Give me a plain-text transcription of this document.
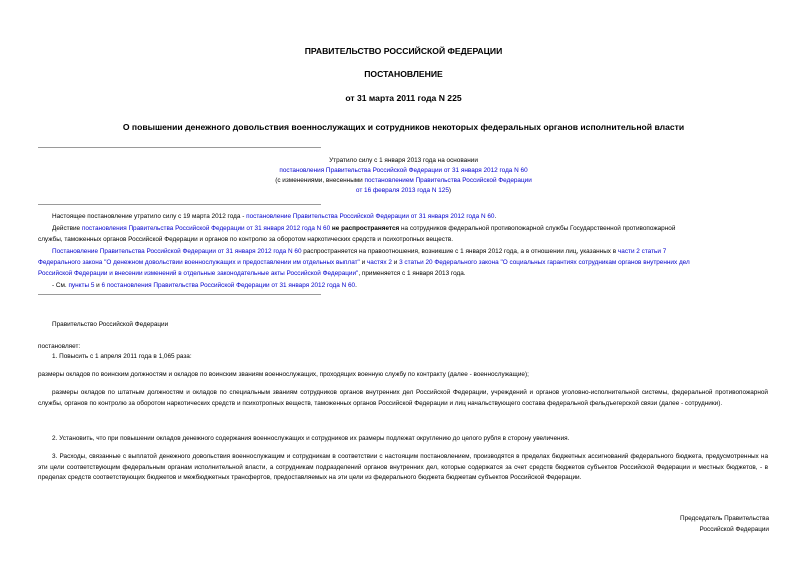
ПРАВИТЕЛЬСТВО РОССИЙСКОЙ ФЕДЕРАЦИИ
ПОСТАНОВЛЕНИЕ
от 31 марта 2011 года N 225
О повышении денежного довольствия военнослужащих и сотрудников некоторых федеральных органов исполнительной власти
Утратило силу с 1 января 2013 года на основании
постановления Правительства Российской Федерации от 31 января 2012 года N 60
(с изменениями, внесенными постановлением Правительства Российской Федерации
от 16 февраля 2013 года N 125)
Настоящее постановление утратило силу с 19 марта 2012 года - постановление Правительства Российской Федерации от 31 января 2012 года N 60.
Действие постановления Правительства Российской Федерации от 31 января 2012 года N 60 не распространяется на сотрудников федеральной противопожарной службы Государственной противопожарной
службы, таможенных органов Российской Федерации и органов по контролю за оборотом наркотических средств и психотропных веществ.
Постановление Правительства Российской Федерации от 31 января 2012 года N 60 распространяется на правоотношения, возникшие с 1 января 2012 года, а в отношении лиц, указанных в части 2 статьи 7
Федерального закона "О денежном довольствии военнослужащих и предоставлении им отдельных выплат" и частях 2 и 3 статьи 20 Федерального закона "О социальных гарантиях сотрудникам органов внутренних дел
Российской Федерации и внесении изменений в отдельные законодательные акты Российской Федерации", применяется с 1 января 2013 года.
- См. пункты 5 и 6 постановления Правительства Российской Федерации от 31 января 2012 года N 60.
Правительство Российской Федерации
постановляет:
1. Повысить с 1 апреля 2011 года в 1,065 раза:
размеры окладов по воинским должностям и окладов по воинским званиям военнослужащих, проходящих военную службу по контракту (далее - военнослужащие);
размеры окладов по штатным должностям и окладов по специальным званиям сотрудников органов внутренних дел Российской Федерации, учреждений и органов уголовно-исполнительной системы, федеральной противопожарной службы, органов по контролю за оборотом наркотических средств и психотропных веществ, таможенных органов Российской Федерации и лиц начальствующего состава федеральной фельдъегерской связи (далее - сотрудники).
2. Установить, что при повышении окладов денежного содержания военнослужащих и сотрудников их размеры подлежат округлению до целого рубля в сторону увеличения.
3. Расходы, связанные с выплатой денежного довольствия военнослужащим и сотрудникам в соответствии с настоящим постановлением, производятся в пределах бюджетных ассигнований федерального бюджета, предусмотренных на эти цели соответствующим федеральным органам исполнительной власти, а сотрудникам подразделений органов внутренних дел, которые содержатся за счет средств бюджетов субъектов Российской Федерации и местных бюджетов, - в пределах средств соответствующих бюджетов и межбюджетных трансфертов, предоставляемых на эти цели из федерального бюджета бюджетам субъектов Российской Федерации.
Председатель Правительства
Российской Федерации
